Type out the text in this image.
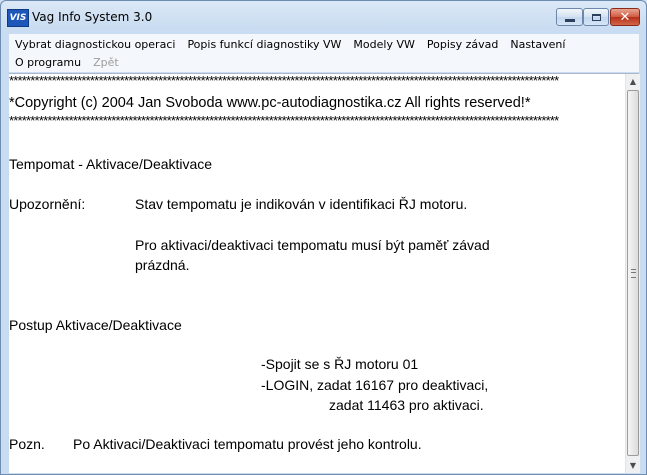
VIS Vag Info System 3.0	✕
Vybrat diagnostickou operaci	Popis funkcí diagnostiky VW	Modely VW	Popisy závad	Nastavení
O programu	Zpět
*********************************************************************************************************************************
*Copyright (c) 2004 Jan Svoboda www.pc-autodiagnostika.cz All rights reserved!*
*********************************************************************************************************************************
Tempomat - Aktivace/Deaktivace
Upozornění:	Stav tempomatu je indikován v identifikaci ŘJ motoru.
Pro aktivaci/deaktivaci tempomatu musí být paměť závad
prázdná.
Postup Aktivace/Deaktivace
-Spojit se s ŘJ motoru 01
-LOGIN, zadat 16167 pro deaktivaci,
zadat 11463 pro aktivaci.
Pozn. Po Aktivaci/Deaktivaci tempomatu provést jeho kontrolu.
▲
▼
